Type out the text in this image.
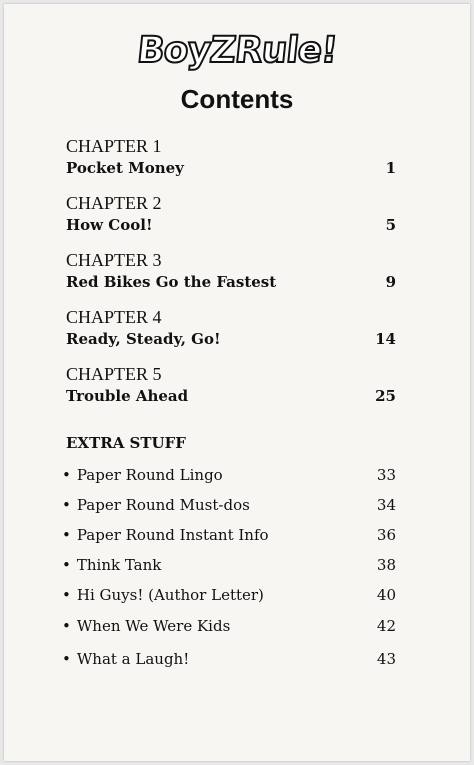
BoyZRule!
Contents
CHAPTER 1
Pocket Money	1
CHAPTER 2
How Cool!	5
CHAPTER 3
Red Bikes Go the Fastest	9
CHAPTER 4
Ready, Steady, Go!	14
CHAPTER 5
Trouble Ahead	25
EXTRA STUFF
• Paper Round Lingo	33
• Paper Round Must-dos	34
• Paper Round Instant Info	36
• Think Tank	38
• Hi Guys! (Author Letter)	40
• When We Were Kids	42
• What a Laugh!	43
